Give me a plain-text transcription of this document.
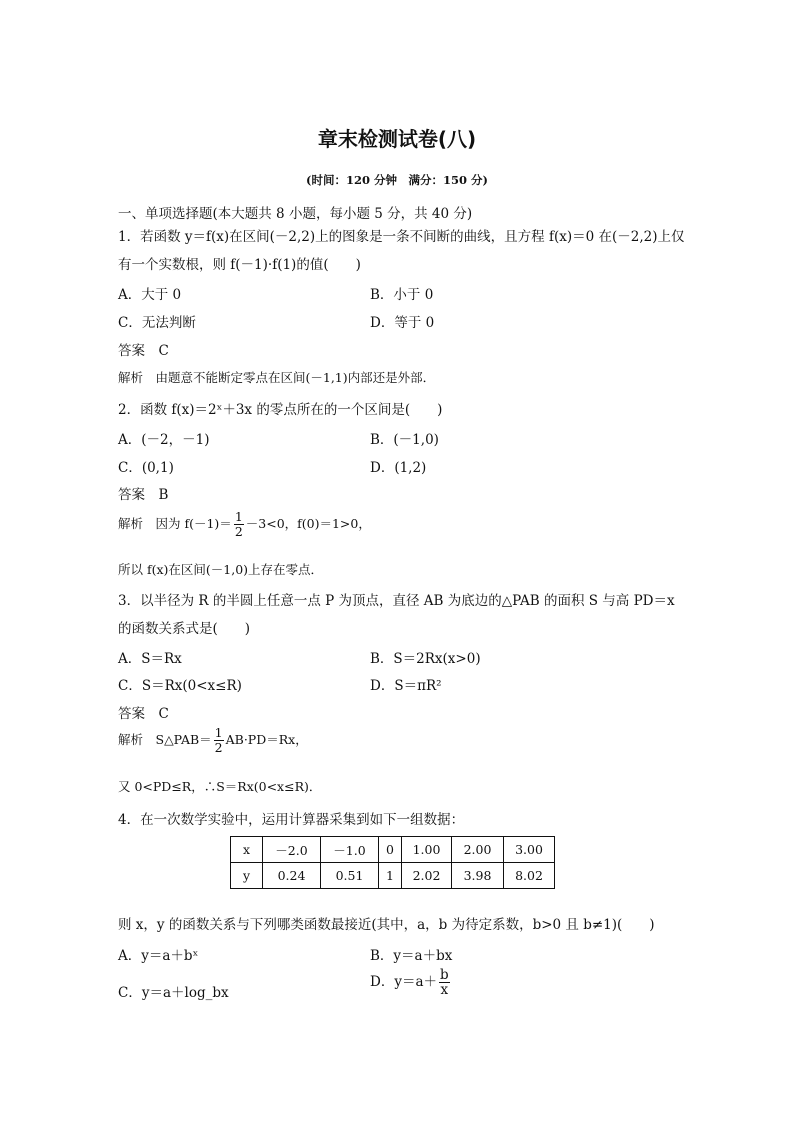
章末检测试卷(八)
(时间：120 分钟　满分：150 分)
一、单项选择题(本大题共 8 小题，每小题 5 分，共 40 分)
1．若函数 y＝f(x)在区间(－2,2)上的图象是一条不间断的曲线，且方程 f(x)＝0 在(－2,2)上仅
有一个实数根，则 f(－1)·f(1)的值(　　)
A．大于 0	B．小于 0
C．无法判断	D．等于 0
答案　C
解析　由题意不能断定零点在区间(－1,1)内部还是外部．
2．函数 f(x)＝2ˣ＋3x 的零点所在的一个区间是(　　)
A．(－2，－1)	B．(－1,0)
C．(0,1)	D．(1,2)
答案　B
解析　因为 $f(-1)= \frac{1}{2} -3<0$，f(0)＝1>0，
所以 f(x)在区间(－1,0)上存在零点．
3．以半径为 R 的半圆上任意一点 P 为顶点，直径 AB 为底边的△PAB 的面积 S 与高 PD＝x
的函数关系式是(　　)
A．S＝Rx	B．S＝2Rx(x>0)
C．S＝Rx(0<x≤R)	D．S＝πR²
答案　C
解析　S△PAB＝ $\frac{1}{2} AB\cdot PD=Rx$，
又 0<PD≤R，∴S＝Rx(0<x≤R)．
4．在一次数学实验中，运用计算器采集到如下一组数据：
x	－2.0	－1.0	0	1.00	2.00	3.00
y	0.24	0.51	1	2.02	3.98	8.02
则 x，y 的函数关系与下列哪类函数最接近(其中，a，b 为待定系数，b>0 且 b≠1)(　　)
A．y＝a＋bˣ	B．y＝a＋bx
C．y＝a＋log_bx
D．$y=a+ \frac{b}{x}$
